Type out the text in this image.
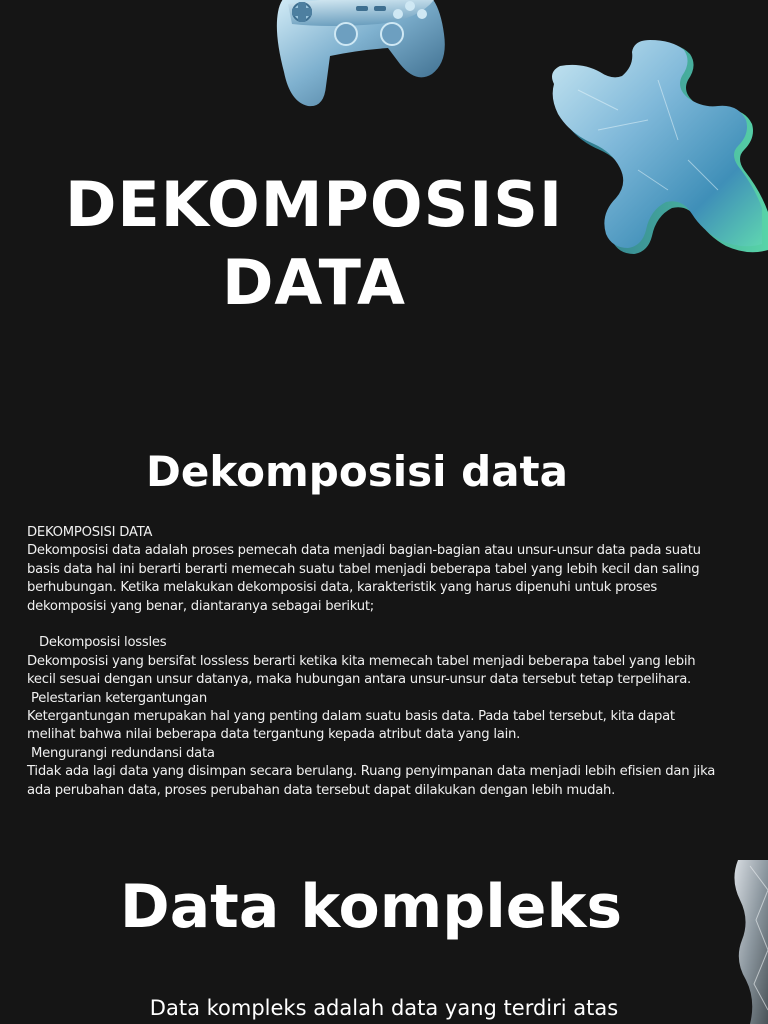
DEKOMPOSISI
DATA
Dekomposisi data

DEKOMPOSISI DATA

Dekomposisi data adalah proses pemecah data menjadi bagian-bagian atau unsur-unsur data pada suatu

basis data hal ini berarti berarti memecah suatu tabel menjadi beberapa tabel yang lebih kecil dan saling

berhubungan. Ketika melakukan dekomposisi data, karakteristik yang harus dipenuhi untuk proses

dekomposisi yang benar, diantaranya sebagai berikut;

Dekomposisi lossles

Dekomposisi yang bersifat lossless berarti ketika kita memecah tabel menjadi beberapa tabel yang lebih

kecil sesuai dengan unsur datanya, maka hubungan antara unsur-unsur data tersebut tetap terpelihara.

Pelestarian ketergantungan

Ketergantungan merupakan hal yang penting dalam suatu basis data. Pada tabel tersebut, kita dapat

melihat bahwa nilai beberapa data tergantung kepada atribut data yang lain.

Mengurangi redundansi data

Tidak ada lagi data yang disimpan secara berulang. Ruang penyimpanan data menjadi lebih efisien dan jika

ada perubahan data, proses perubahan data tersebut dapat dilakukan dengan lebih mudah.

Data kompleks

Data kompleks adalah data yang terdiri atas
